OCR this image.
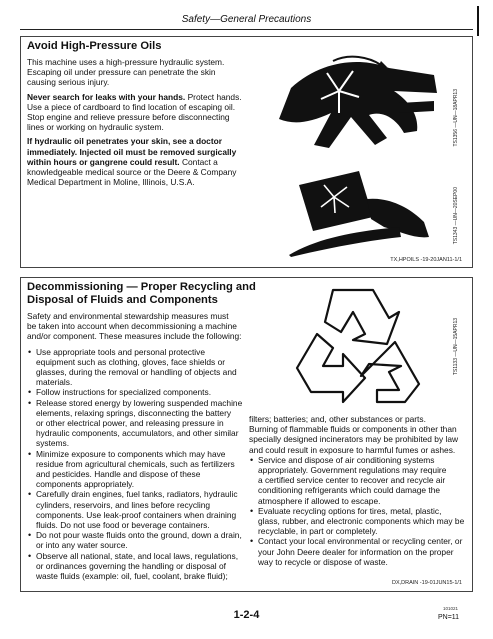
Safety—General Precautions
Avoid High-Pressure Oils

This machine uses a high-pressure hydraulic system.
Escaping oil under pressure can penetrate the skin
causing serious injury.

Never search for leaks with your hands. Protect hands.
Use a piece of cardboard to find location of escaping oil.
Stop engine and relieve pressure before disconnecting
lines or working on hydraulic system.

If hydraulic oil penetrates your skin, see a doctor
immediately. Injected oil must be removed surgically
within hours or gangrene could result. Contact a
knowledgeable medical source or the Deere & Company
Medical Department in Moline, Illinois, U.S.A.

TS1356 —UN—18APR13
TS1343 —UN—20SEP00
TX,HPOILS -19-20JAN11-1/1
Decommissioning — Proper Recycling and
Disposal of Fluids and Components

Safety and environmental stewardship measures must
be taken into account when decommissioning a machine
and/or component. These measures include the following:

• Use appropriate tools and personal protective
equipment such as clothing, gloves, face shields or
glasses, during the removal or handling of objects and
materials.
• Follow instructions for specialized components.
• Release stored energy by lowering suspended machine
elements, relaxing springs, disconnecting the battery
or other electrical power, and releasing pressure in
hydraulic components, accumulators, and other similar
systems.
• Minimize exposure to components which may have
residue from agricultural chemicals, such as fertilizers
and pesticides. Handle and dispose of these
components appropriately.
• Carefully drain engines, fuel tanks, radiators, hydraulic
cylinders, reservoirs, and lines before recycling
components. Use leak-proof containers when draining
fluids. Do not use food or beverage containers.
• Do not pour waste fluids onto the ground, down a drain,
or into any water source.
• Observe all national, state, and local laws, regulations,
or ordinances governing the handling or disposal of
waste fluids (example: oil, fuel, coolant, brake fluid);
TS1133 —UN—15APR13

filters; batteries; and, other substances or parts.
Burning of flammable fluids or components in other than
specially designed incinerators may be prohibited by law
and could result in exposure to harmful fumes or ashes.

• Service and dispose of air conditioning systems
appropriately. Government regulations may require
a certified service center to recover and recycle air
conditioning refrigerants which could damage the
atmosphere if allowed to escape.
• Evaluate recycling options for tires, metal, plastic,
glass, rubber, and electronic components which may be
recyclable, in part or completely.
• Contact your local environmental or recycling center, or
your John Deere dealer for information on the proper
way to recycle or dispose of waste.
DX,DRAIN -19-01JUN15-1/1
1-2-4
101021
PN=11
